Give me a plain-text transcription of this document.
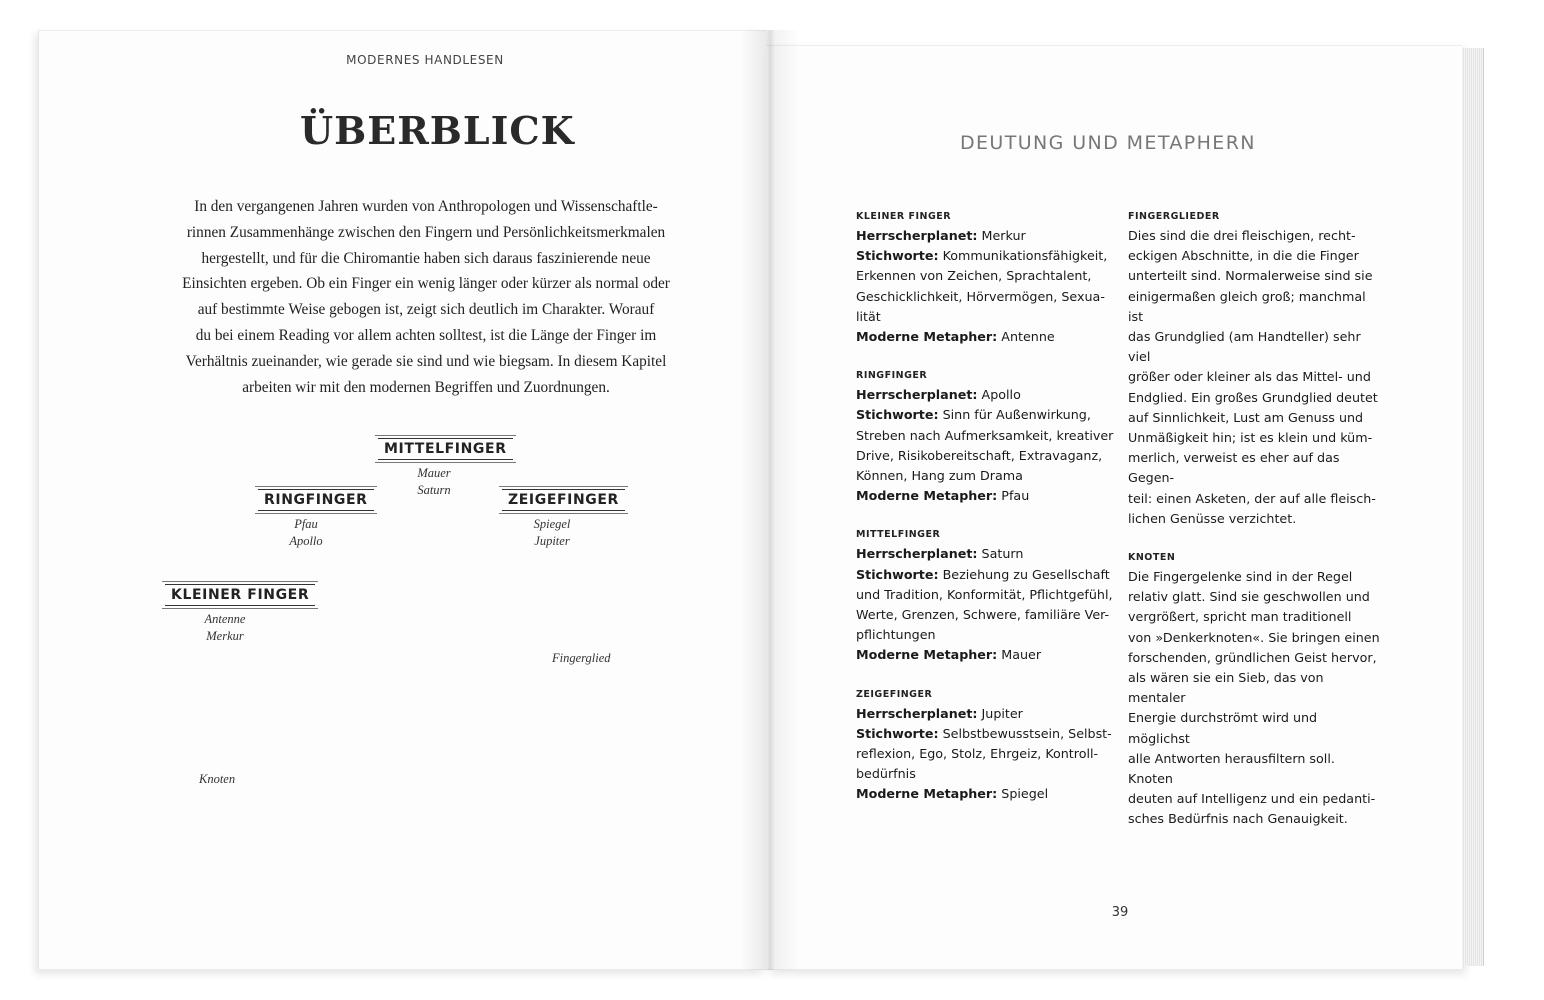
MODERNES HANDLESEN
ÜBERBLICK
In den vergangenen Jahren wurden von Anthropologen und Wissenschaftle-
rinnen Zusammenhänge zwischen den Fingern und Persönlichkeitsmerkmalen
hergestellt, und für die Chiromantie haben sich daraus faszinierende neue
Einsichten ergeben. Ob ein Finger ein wenig länger oder kürzer als normal oder
auf bestimmte Weise gebogen ist, zeigt sich deutlich im Charakter. Worauf
du bei einem Reading vor allem achten solltest, ist die Länge der Finger im
Verhältnis zueinander, wie gerade sie sind und wie biegsam. In diesem Kapitel
arbeiten wir mit den modernen Begriffen und Zuordnungen.
MITTELFINGER
Mauer
Saturn
RINGFINGER
Pfau
Apollo
ZEIGEFINGER
Spiegel
Jupiter
KLEINER FINGER
Antenne
Merkur
Fingerglied
Knoten
DEUTUNG UND METAPHERN
KLEINER FINGER
Herrscherplanet: Merkur
Stichworte: Kommunikationsfähigkeit,
Erkennen von Zeichen, Sprachtalent,
Geschicklichkeit, Hörvermögen, Sexua-
lität
Moderne Metapher: Antenne
RINGFINGER
Herrscherplanet: Apollo
Stichworte: Sinn für Außenwirkung,
Streben nach Aufmerksamkeit, kreativer
Drive, Risikobereitschaft, Extravaganz,
Können, Hang zum Drama
Moderne Metapher: Pfau
MITTELFINGER
Herrscherplanet: Saturn
Stichworte: Beziehung zu Gesellschaft
und Tradition, Konformität, Pflichtgefühl,
Werte, Grenzen, Schwere, familiäre Ver-
pflichtungen
Moderne Metapher: Mauer
ZEIGEFINGER
Herrscherplanet: Jupiter
Stichworte: Selbstbewusstsein, Selbst-
reflexion, Ego, Stolz, Ehrgeiz, Kontroll-
bedürfnis
Moderne Metapher: Spiegel
FINGERGLIEDER
Dies sind die drei fleischigen, recht-
eckigen Abschnitte, in die die Finger
unterteilt sind. Normalerweise sind sie
einigermaßen gleich groß; manchmal ist
das Grundglied (am Handteller) sehr viel
größer oder kleiner als das Mittel- und
Endglied. Ein großes Grundglied deutet
auf Sinnlichkeit, Lust am Genuss und
Unmäßigkeit hin; ist es klein und küm-
merlich, verweist es eher auf das Gegen-
teil: einen Asketen, der auf alle fleisch-
lichen Genüsse verzichtet.
KNOTEN
Die Fingergelenke sind in der Regel
relativ glatt. Sind sie geschwollen und
vergrößert, spricht man traditionell
von »Denkerknoten«. Sie bringen einen
forschenden, gründlichen Geist hervor,
als wären sie ein Sieb, das von mentaler
Energie durchströmt wird und möglichst
alle Antworten herausfiltern soll. Knoten
deuten auf Intelligenz und ein pedanti-
sches Bedürfnis nach Genauigkeit.
39
